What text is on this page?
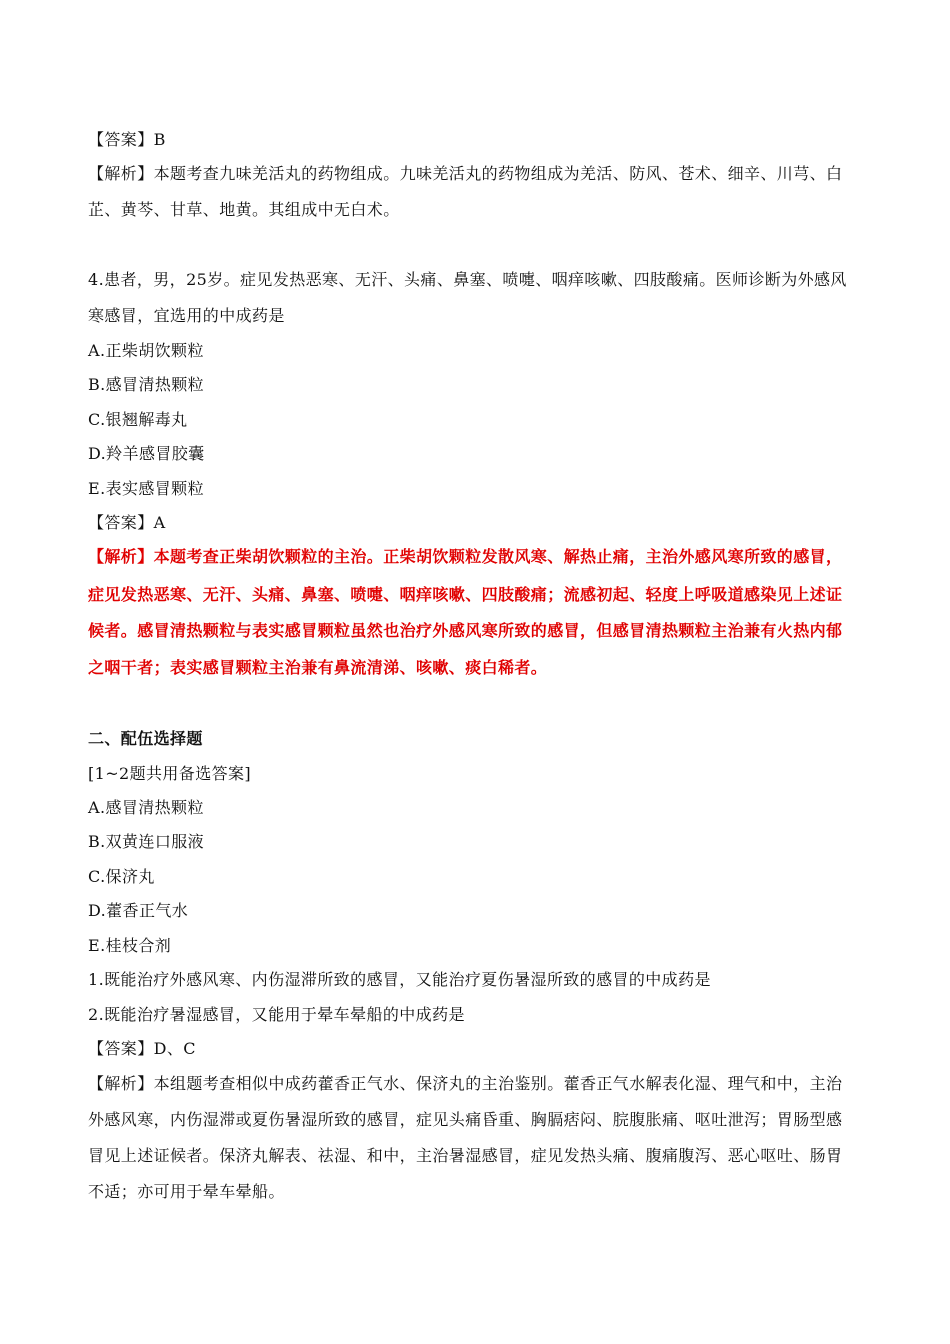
【答案】B
【解析】本题考查九味羌活丸的药物组成。九味羌活丸的药物组成为羌活、防风、苍术、细辛、川芎、白
芷、黄芩、甘草、地黄。其组成中无白术。
4.患者，男，25岁。症见发热恶寒、无汗、头痛、鼻塞、喷嚏、咽痒咳嗽、四肢酸痛。医师诊断为外感风
寒感冒，宜选用的中成药是
A.正柴胡饮颗粒
B.感冒清热颗粒
C.银翘解毒丸
D.羚羊感冒胶囊
E.表实感冒颗粒
【答案】A
【解析】本题考查正柴胡饮颗粒的主治。正柴胡饮颗粒发散风寒、解热止痛，主治外感风寒所致的感冒，
症见发热恶寒、无汗、头痛、鼻塞、喷嚏、咽痒咳嗽、四肢酸痛；流感初起、轻度上呼吸道感染见上述证
候者。感冒清热颗粒与表实感冒颗粒虽然也治疗外感风寒所致的感冒，但感冒清热颗粒主治兼有火热内郁
之咽干者；表实感冒颗粒主治兼有鼻流清涕、咳嗽、痰白稀者。
二、配伍选择题
[1~2题共用备选答案]
A.感冒清热颗粒
B.双黄连口服液
C.保济丸
D.藿香正气水
E.桂枝合剂
1.既能治疗外感风寒、内伤湿滞所致的感冒，又能治疗夏伤暑湿所致的感冒的中成药是
2.既能治疗暑湿感冒，又能用于晕车晕船的中成药是
【答案】D、C
【解析】本组题考查相似中成药藿香正气水、保济丸的主治鉴别。藿香正气水解表化湿、理气和中，主治
外感风寒，内伤湿滞或夏伤暑湿所致的感冒，症见头痛昏重、胸膈痞闷、脘腹胀痛、呕吐泄泻；胃肠型感
冒见上述证候者。保济丸解表、祛湿、和中，主治暑湿感冒，症见发热头痛、腹痛腹泻、恶心呕吐、肠胃
不适；亦可用于晕车晕船。
